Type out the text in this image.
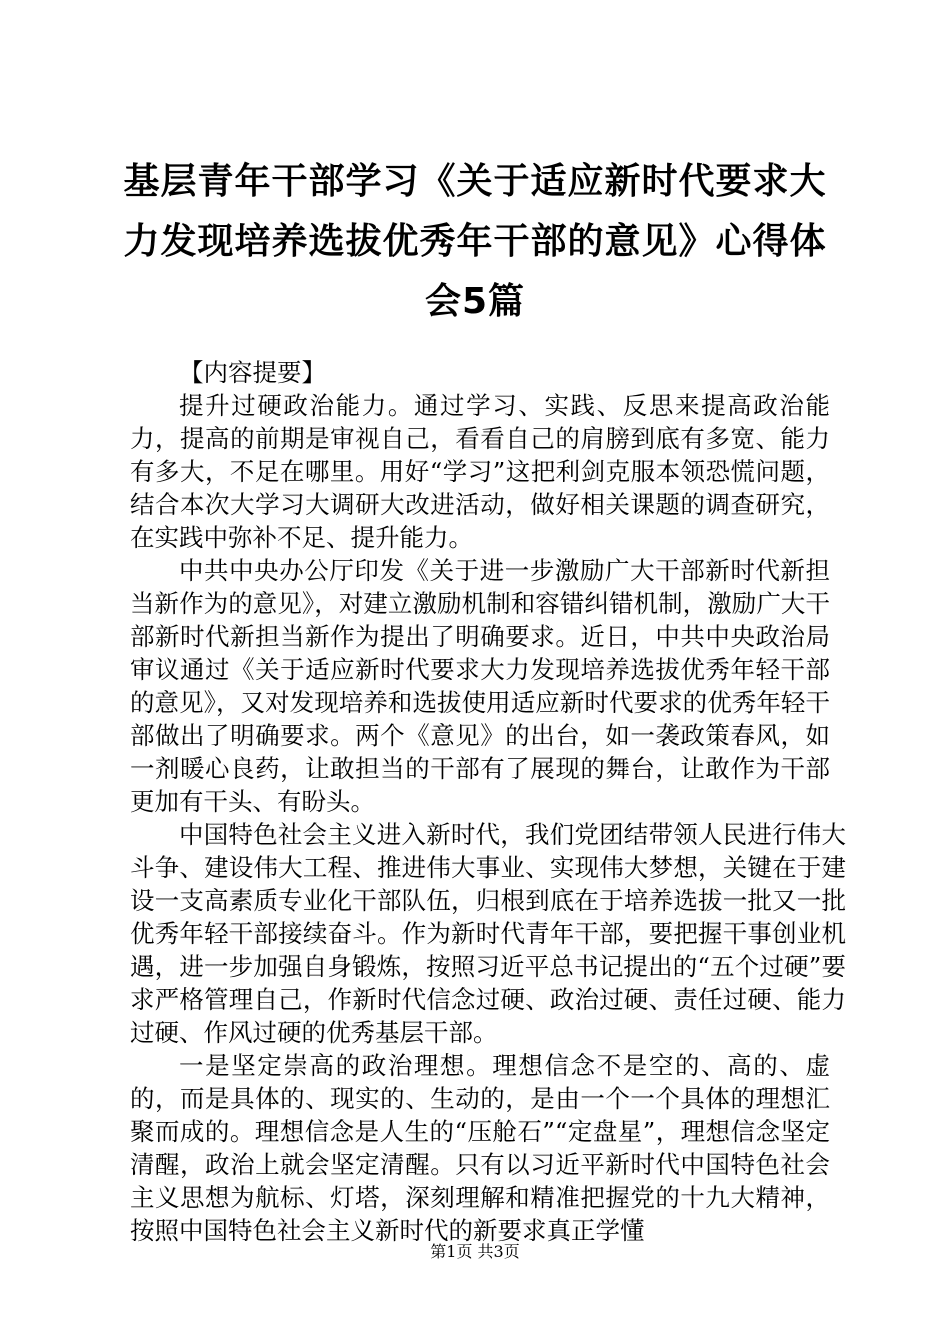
基层青年干部学习《关于适应新时代要求大力发现培养选拔优秀年干部的意见》心得体会5篇

【内容提要】

提升过硬政治能力。通过学习、实践、反思来提高政治能力，提高的前期是审视自己，看看自己的肩膀到底有多宽、能力有多大，不足在哪里。用好“学习”这把利剑克服本领恐慌问题，结合本次大学习大调研大改进活动，做好相关课题的调查研究，在实践中弥补不足、提升能力。

中共中央办公厅印发《关于进一步激励广大干部新时代新担当新作为的意见》，对建立激励机制和容错纠错机制，激励广大干部新时代新担当新作为提出了明确要求。近日，中共中央政治局审议通过《关于适应新时代要求大力发现培养选拔优秀年轻干部的意见》，又对发现培养和选拔使用适应新时代要求的优秀年轻干部做出了明确要求。两个《意见》的出台，如一袭政策春风，如一剂暖心良药，让敢担当的干部有了展现的舞台，让敢作为干部更加有干头、有盼头。

中国特色社会主义进入新时代，我们党团结带领人民进行伟大斗争、建设伟大工程、推进伟大事业、实现伟大梦想，关键在于建设一支高素质专业化干部队伍，归根到底在于培养选拔一批又一批优秀年轻干部接续奋斗。作为新时代青年干部，要把握干事创业机遇，进一步加强自身锻炼，按照习近平总书记提出的“五个过硬”要求严格管理自己，作新时代信念过硬、政治过硬、责任过硬、能力过硬、作风过硬的优秀基层干部。

一是坚定崇高的政治理想。理想信念不是空的、高的、虚的，而是具体的、现实的、生动的，是由一个一个具体的理想汇聚而成的。理想信念是人生的“压舱石”“定盘星”，理想信念坚定清醒，政治上就会坚定清醒。只有以习近平新时代中国特色社会主义思想为航标、灯塔，深刻理解和精准把握党的十九大精神，按照中国特色社会主义新时代的新要求真正学懂

第1页 共3页
